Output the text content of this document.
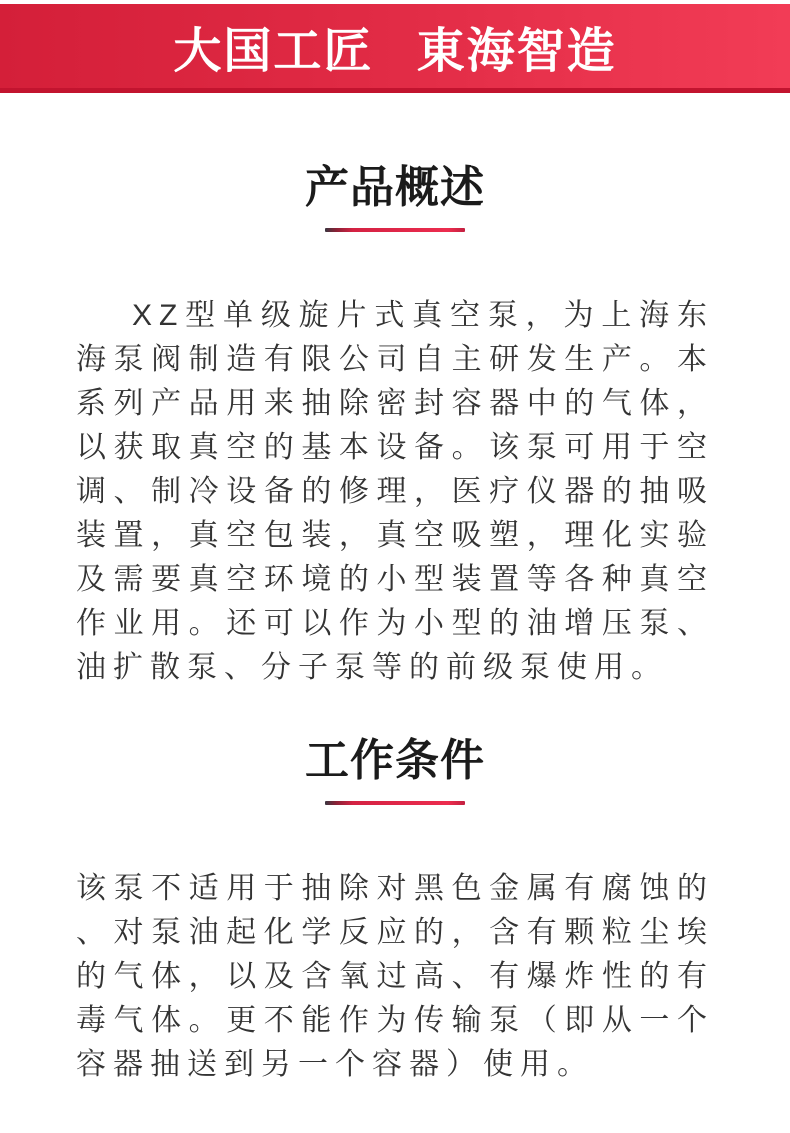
大国工匠 東海智造
产品概述

XZ型单级旋片式真空泵，为上海东海泵阀制造有限公司自主研发生产。本系列产品用来抽除密封容器中的气体，以获取真空的基本设备。该泵可用于空调、制冷设备的修理，医疗仪器的抽吸装置，真空包装，真空吸塑，理化实验及需要真空环境的小型装置等各种真空作业用。还可以作为小型的油增压泵、油扩散泵、分子泵等的前级泵使用。

工作条件

该泵不适用于抽除对黑色金属有腐蚀的、对泵油起化学反应的，含有颗粒尘埃的气体，以及含氧过高、有爆炸性的有毒气体。更不能作为传输泵（即从一个容器抽送到另一个容器）使用。
